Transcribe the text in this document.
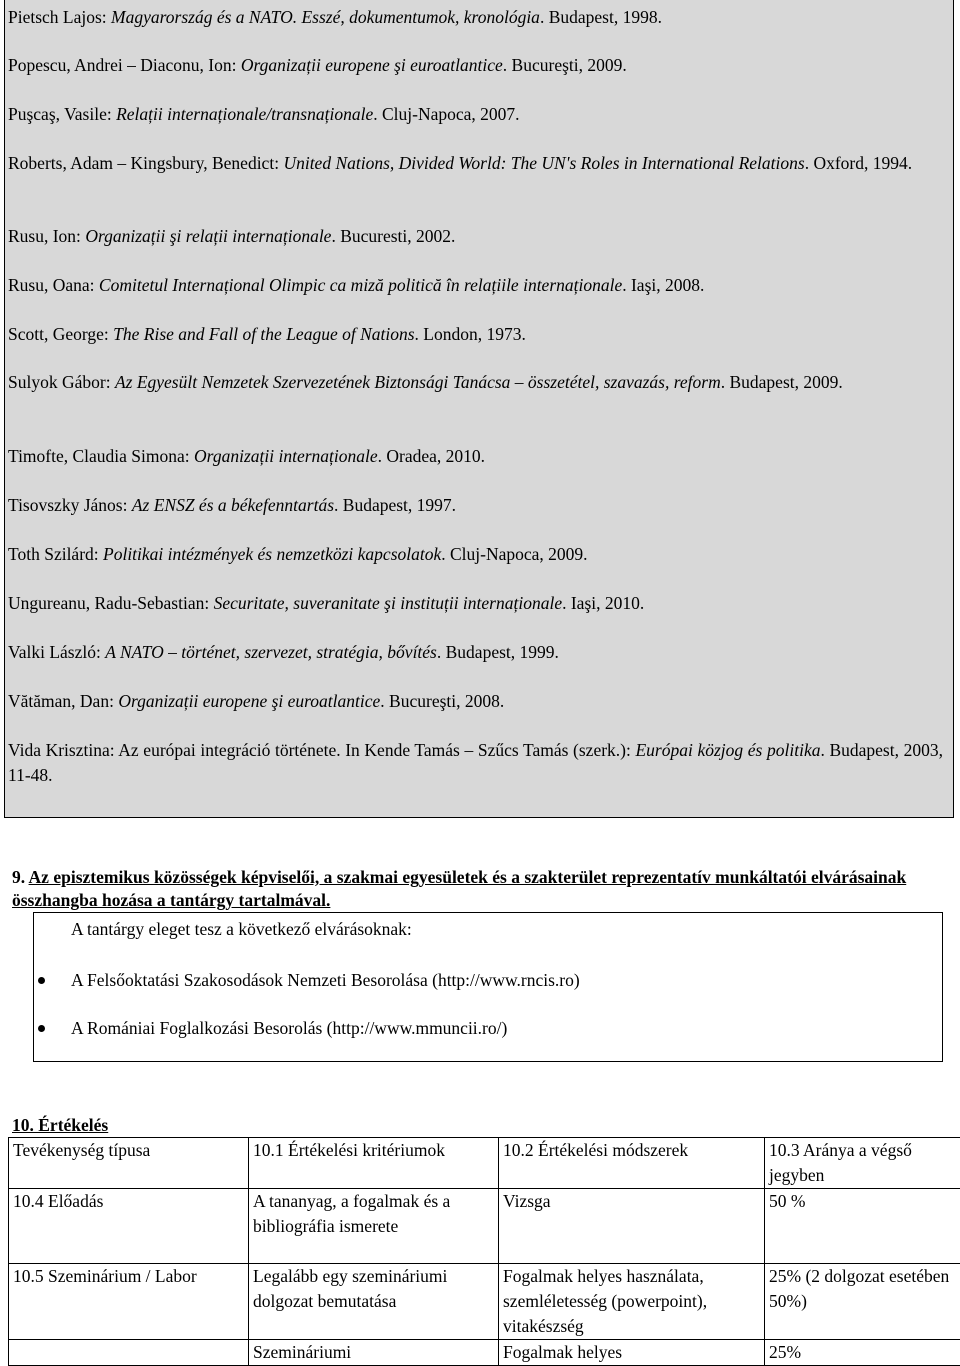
Pietsch Lajos: Magyarország és a NATO. Esszé, dokumentumok, kronológia. Budapest, 1998.
Popescu, Andrei – Diaconu, Ion: Organizații europene şi euroatlantice. Bucureşti, 2009.
Puşcaş, Vasile: Relații internaționale/transnaționale. Cluj-Napoca, 2007.
Roberts, Adam – Kingsbury, Benedict: United Nations, Divided World: The UN's Roles in International Relations. Oxford, 1994.
Rusu, Ion: Organizații şi relații internaționale. Bucuresti, 2002.
Rusu, Oana: Comitetul Internațional Olimpic ca miză politică în relațiile internaționale. Iaşi, 2008.
Scott, George: The Rise and Fall of the League of Nations. London, 1973.
Sulyok Gábor: Az Egyesült Nemzetek Szervezetének Biztonsági Tanácsa – összetétel, szavazás, reform. Budapest, 2009.
Timofte, Claudia Simona: Organizații internaționale. Oradea, 2010.
Tisovszky János: Az ENSZ és a békefenntartás. Budapest, 1997.
Toth Szilárd: Politikai intézmények és nemzetközi kapcsolatok. Cluj-Napoca, 2009.
Ungureanu, Radu-Sebastian: Securitate, suveranitate şi instituții internaționale. Iaşi, 2010.
Valki László: A NATO – történet, szervezet, stratégia, bővítés. Budapest, 1999.
Vătăman, Dan: Organizații europene şi euroatlantice. Bucureşti, 2008.
Vida Krisztina: Az európai integráció története. In Kende Tamás – Szűcs Tamás (szerk.): Európai közjog és politika. Budapest, 2003, 11-48.
9. Az episztemikus közösségek képviselői, a szakmai egyesületek és a szakterület reprezentatív munkáltatói elvárásainak összhangba hozása a tantárgy tartalmával.
A tantárgy eleget tesz a következő elvárásoknak:
A Felsőoktatási Szakosodások Nemzeti Besorolása (http://www.rncis.ro)
A Romániai Foglalkozási Besorolás (http://www.mmuncii.ro/)
10. Értékelés
Tevékenység típusa	10.1 Értékelési kritériumok	10.2 Értékelési módszerek	10.3 Aránya a végső jegyben
10.4 Előadás	A tananyag, a fogalmak és a bibliográfia ismerete	Vizsga	50 %
10.5 Szeminárium / Labor	Legalább egy szemináriumi dolgozat bemutatása	Fogalmak helyes használata, szemléletesség (powerpoint), vitakészség	25% (2 dolgozat esetében 50%)
	Szemináriumi	Fogalmak helyes	25%
